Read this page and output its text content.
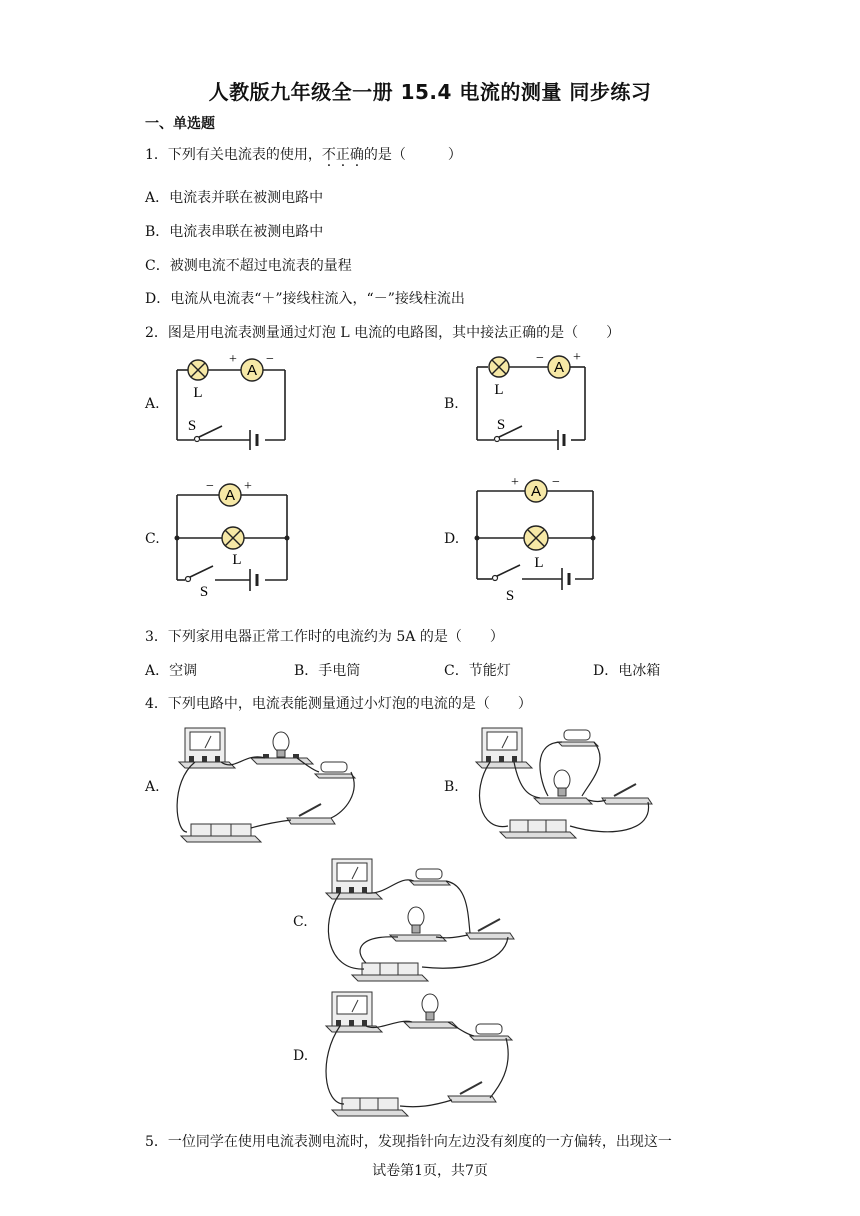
人教版九年级全一册 15.4 电流的测量 同步练习
一、单选题
1．下列有关电流表的使用，不正确的是（　　　）
A．电流表并联在被测电路中
B．电流表串联在被测电路中
C．被测电流不超过电流表的量程
D．电流从电流表“＋”接线柱流入，“－”接线柱流出
2．图是用电流表测量通过灯泡 L 电流的电路图，其中接法正确的是（　　）
A.	B.
C.	D.
A
+ −
L
S
A
− +
L
S
A
− +
L
S
A
+ −
L
S
3．下列家用电器正常工作时的电流约为 5A 的是（　　）
A．空调	B．手电筒	C．节能灯	D．电冰箱
4．下列电路中，电流表能测量通过小灯泡的电流的是（　　）
A.	B.
C.
D.
5．一位同学在使用电流表测电流时，发现指针向左边没有刻度的一方偏转，出现这一
试卷第1页，共7页
